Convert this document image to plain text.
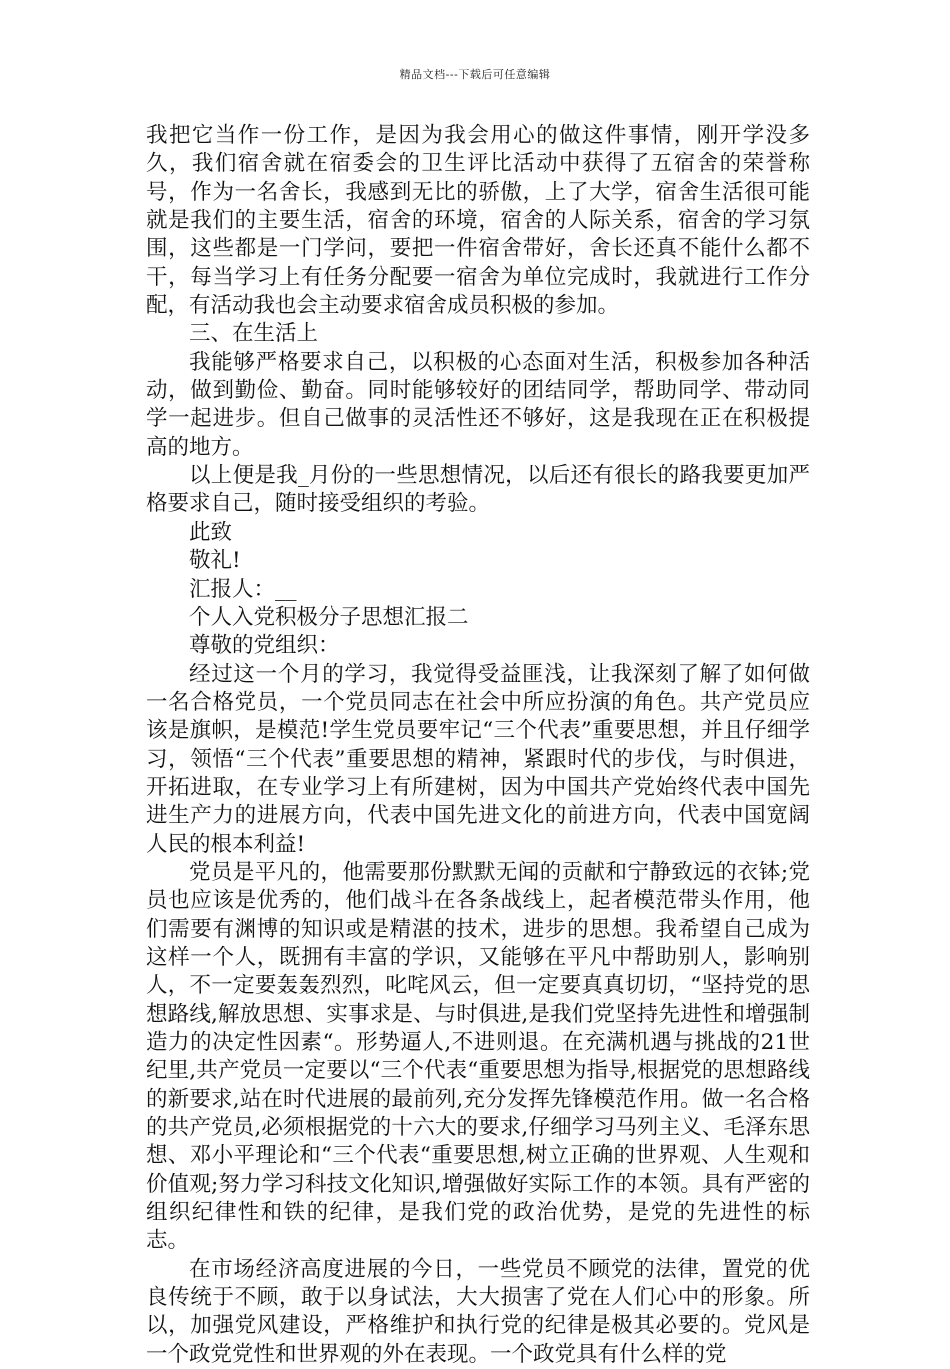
精品文档---下载后可任意编辑

我把它当作一份工作，是因为我会用心的做这件事情，刚开学没多久，我们宿舍就在宿委会的卫生评比活动中获得了五宿舍的荣誉称号，作为一名舍长，我感到无比的骄傲，上了大学，宿舍生活很可能就是我们的主要生活，宿舍的环境，宿舍的人际关系，宿舍的学习氛围，这些都是一门学问，要把一件宿舍带好，舍长还真不能什么都不干，每当学习上有任务分配要一宿舍为单位完成时，我就进行工作分配，有活动我也会主动要求宿舍成员积极的参加。

三、在生活上

我能够严格要求自己，以积极的心态面对生活，积极参加各种活动，做到勤俭、勤奋。同时能够较好的团结同学，帮助同学、带动同学一起进步。但自己做事的灵活性还不够好，这是我现在正在积极提高的地方。

以上便是我_月份的一些思想情况，以后还有很长的路我要更加严格要求自己，随时接受组织的考验。

此致

敬礼!

汇报人：__

个人入党积极分子思想汇报二

尊敬的党组织：

经过这一个月的学习，我觉得受益匪浅，让我深刻了解了如何做一名合格党员，一个党员同志在社会中所应扮演的角色。共产党员应该是旗帜，是模范!学生党员要牢记“三个代表”重要思想，并且仔细学习，领悟“三个代表”重要思想的精神，紧跟时代的步伐，与时俱进，开拓进取，在专业学习上有所建树，因为中国共产党始终代表中国先进生产力的进展方向，代表中国先进文化的前进方向，代表中国宽阔人民的根本利益!

党员是平凡的，他需要那份默默无闻的贡献和宁静致远的衣钵;党员也应该是优秀的，他们战斗在各条战线上，起者模范带头作用，他们需要有渊博的知识或是精湛的技术，进步的思想。我希望自己成为这样一个人，既拥有丰富的学识，又能够在平凡中帮助别人，影响别人，不一定要轰轰烈烈，叱咤风云，但一定要真真切切，“坚持党的思想路线,解放思想、实事求是、与时俱进,是我们党坚持先进性和增强制造力的决定性因素“。形势逼人,不进则退。在充满机遇与挑战的21世纪里,共产党员一定要以“三个代表“重要思想为指导,根据党的思想路线的新要求,站在时代进展的最前列,充分发挥先锋模范作用。做一名合格的共产党员,必须根据党的十六大的要求,仔细学习马列主义、毛泽东思想、邓小平理论和“三个代表“重要思想,树立正确的世界观、人生观和价值观;努力学习科技文化知识,增强做好实际工作的本领。具有严密的组织纪律性和铁的纪律，是我们党的政治优势，是党的先进性的标志。

在市场经济高度进展的今日，一些党员不顾党的法律，置党的优良传统于不顾，敢于以身试法，大大损害了党在人们心中的形象。所以，加强党风建设，严格维护和执行党的纪律是极其必要的。党风是一个政党党性和世界观的外在表现。一个政党具有什么样的党
